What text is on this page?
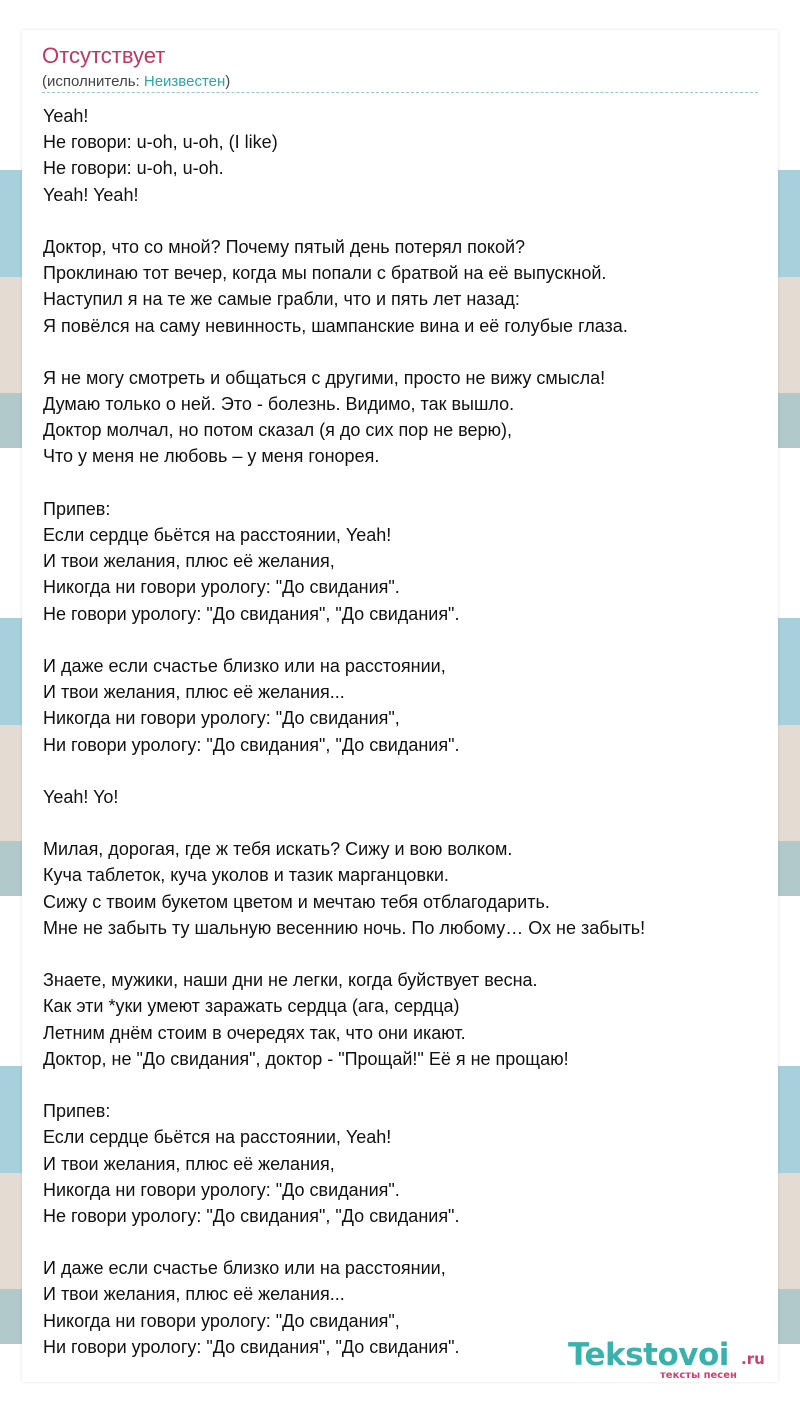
Отсутствует
(исполнитель: Неизвестен)
Yeah!
Не говори: u-oh, u-oh, (I like)
Не говори: u-oh, u-oh.
Yeah! Yeah!
Доктор, что со мной? Почему пятый день потерял покой?
Проклинаю тот вечер, когда мы попали с братвой на её выпускной.
Наступил я на те же самые грабли, что и пять лет назад:
Я повёлся на саму невинность, шампанские вина и её голубые глаза.
Я не могу смотреть и общаться с другими, просто не вижу смысла!
Думаю только о ней. Это - болезнь. Видимо, так вышло.
Доктор молчал, но потом сказал (я до сих пор не верю),
Что у меня не любовь – у меня гонорея.
Припев:
Если сердце бьётся на расстоянии, Yeah!
И твои желания, плюс её желания,
Никогда ни говори урологу: "До свидания".
Не говори урологу: "До свидания", "До свидания".
И даже если счастье близко или на расстоянии,
И твои желания, плюс её желания...
Никогда ни говори урологу: "До свидания",
Ни говори урологу: "До свидания", "До свидания".
Yeah! Yo!
Милая, дорогая, где ж тебя искать? Сижу и вою волком.
Куча таблеток, куча уколов и тазик марганцовки.
Сижу с твоим букетом цветом и мечтаю тебя отблагодарить.
Мне не забыть ту шальную весеннию ночь. По любому… Ох не забыть!
Знаете, мужики, наши дни не легки, когда буйствует весна.
Как эти *уки умеют заражать сердца (ага, сердца)
Летним днём стоим в очередях так, что они икают.
Доктор, не "До свидания", доктор - "Прощай!" Её я не прощаю!
Припев:
Если сердце бьётся на расстоянии, Yeah!
И твои желания, плюс её желания,
Никогда ни говори урологу: "До свидания".
Не говори урологу: "До свидания", "До свидания".
И даже если счастье близко или на расстоянии,
И твои желания, плюс её желания...
Никогда ни говори урологу: "До свидания",
Ни говори урологу: "До свидания", "До свидания".	Tekstovoi .ru
тексты песен
